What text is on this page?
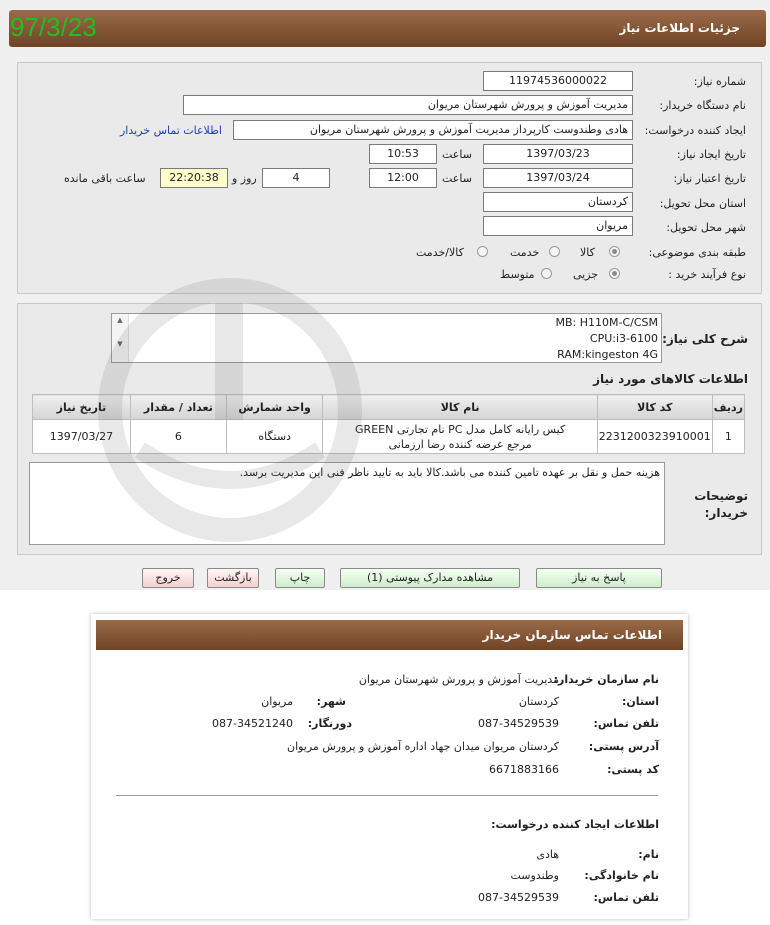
جزئیات اطلاعات نیاز
97/3/23
شماره نیاز:
11974536000022
نام دستگاه خریدار:
مدیریت آموزش و پرورش شهرستان مریوان
ایجاد کننده درخواست:
هادی وطندوست کارپرداز مدیریت آموزش و پرورش شهرستان مریوان
اطلاعات تماس خریدار
تاریخ ایجاد نیاز:
1397/03/23
ساعت
10:53
تاریخ اعتبار نیاز:
1397/03/24
ساعت
12:00
4
روز و
22:20:38
ساعت باقی مانده
استان محل تحویل:
کردستان
شهر محل تحویل:
مریوان
طبقه بندی موضوعی:
کالا
خدمت
کالا/خدمت
نوع فرآیند خرید :
جزیی
متوسط
شرح کلی نیاز:
▲

▼
MB: H110M-C/CSM
CPU:i3-6100
RAM:kingeston 4G
اطلاعات کالاهای مورد نیاز
ردیف	کد کالا	نام کالا	واحد شمارش	تعداد / مقدار	تاریخ نیاز
1	2231200323910001	کیس رایانه کامل مدل PC نام تجارتی GREEN مرجع عرضه کننده رضا ارزمانی	دستگاه	6	1397/03/27
توضیحات خریدار:
هزینه حمل و نقل بر عهده تامین کننده می باشد.کالا باید به تایید ناظر فنی این مدیریت برسد.
پاسخ به نیاز
مشاهده مدارک پیوستی (1)
چاپ
بازگشت
خروج
اطلاعات تماس سازمان خریدار
نام سازمان خریدار:
مدیریت آموزش و پرورش شهرستان مریوان
استان:
کردستان
شهر:
مریوان
تلفن تماس:
087-34529539
دورنگار:
087-34521240
آدرس پستی:
کردستان مریوان میدان جهاد اداره آموزش و پرورش مریوان
کد پستی:
6671883166
اطلاعات ایجاد کننده درخواست:
نام:
هادی
نام خانوادگی:
وطندوست
تلفن تماس:
087-34529539
